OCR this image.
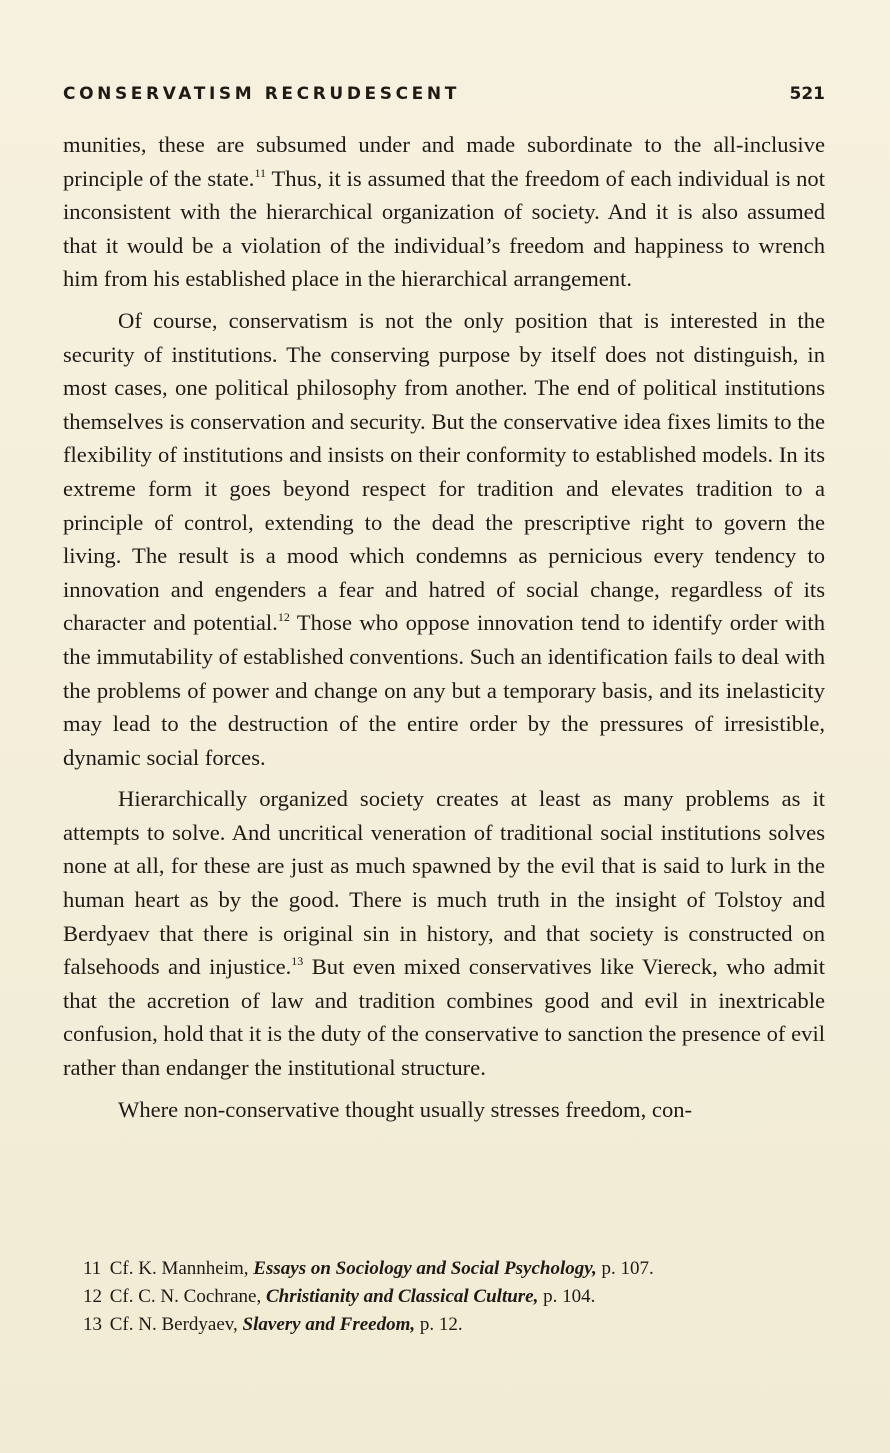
CONSERVATISM RECRUDESCENT	521

munities, these are subsumed under and made subordinate to the all-inclusive principle of the state.$^{11}$ Thus, it is assumed that the freedom of each individual is not inconsistent with the hierarchical organization of society. And it is also assumed that it would be a violation of the individual’s freedom and happiness to wrench him from his established place in the hierarchical arrangement.

Of course, conservatism is not the only position that is interested in the security of institutions. The conserving purpose by itself does not distinguish, in most cases, one political philosophy from another. The end of political institutions themselves is conservation and security. But the conservative idea fixes limits to the flexibility of institutions and insists on their conformity to established models. In its extreme form it goes beyond respect for tradition and elevates tradition to a principle of control, extending to the dead the prescriptive right to govern the living. The result is a mood which condemns as pernicious every tendency to innovation and engenders a fear and hatred of social change, regardless of its character and potential.$^{12}$ Those who oppose innovation tend to identify order with the immutability of established conventions. Such an identification fails to deal with the problems of power and change on any but a temporary basis, and its inelasticity may lead to the destruction of the entire order by the pressures of irresistible, dynamic social forces.

Hierarchically organized society creates at least as many problems as it attempts to solve. And uncritical veneration of traditional social institutions solves none at all, for these are just as much spawned by the evil that is said to lurk in the human heart as by the good. There is much truth in the insight of Tolstoy and Berdyaev that there is original sin in history, and that society is constructed on falsehoods and injustice.$^{13}$ But even mixed conservatives like Viereck, who admit that the accretion of law and tradition combines good and evil in inextricable confusion, hold that it is the duty of the conservative to sanction the presence of evil rather than endanger the institutional structure.

Where non-conservative thought usually stresses freedom, con-

11 Cf. K. Mannheim, Essays on Sociology and Social Psychology, p. 107.
12 Cf. C. N. Cochrane, Christianity and Classical Culture, p. 104.
13 Cf. N. Berdyaev, Slavery and Freedom, p. 12.
